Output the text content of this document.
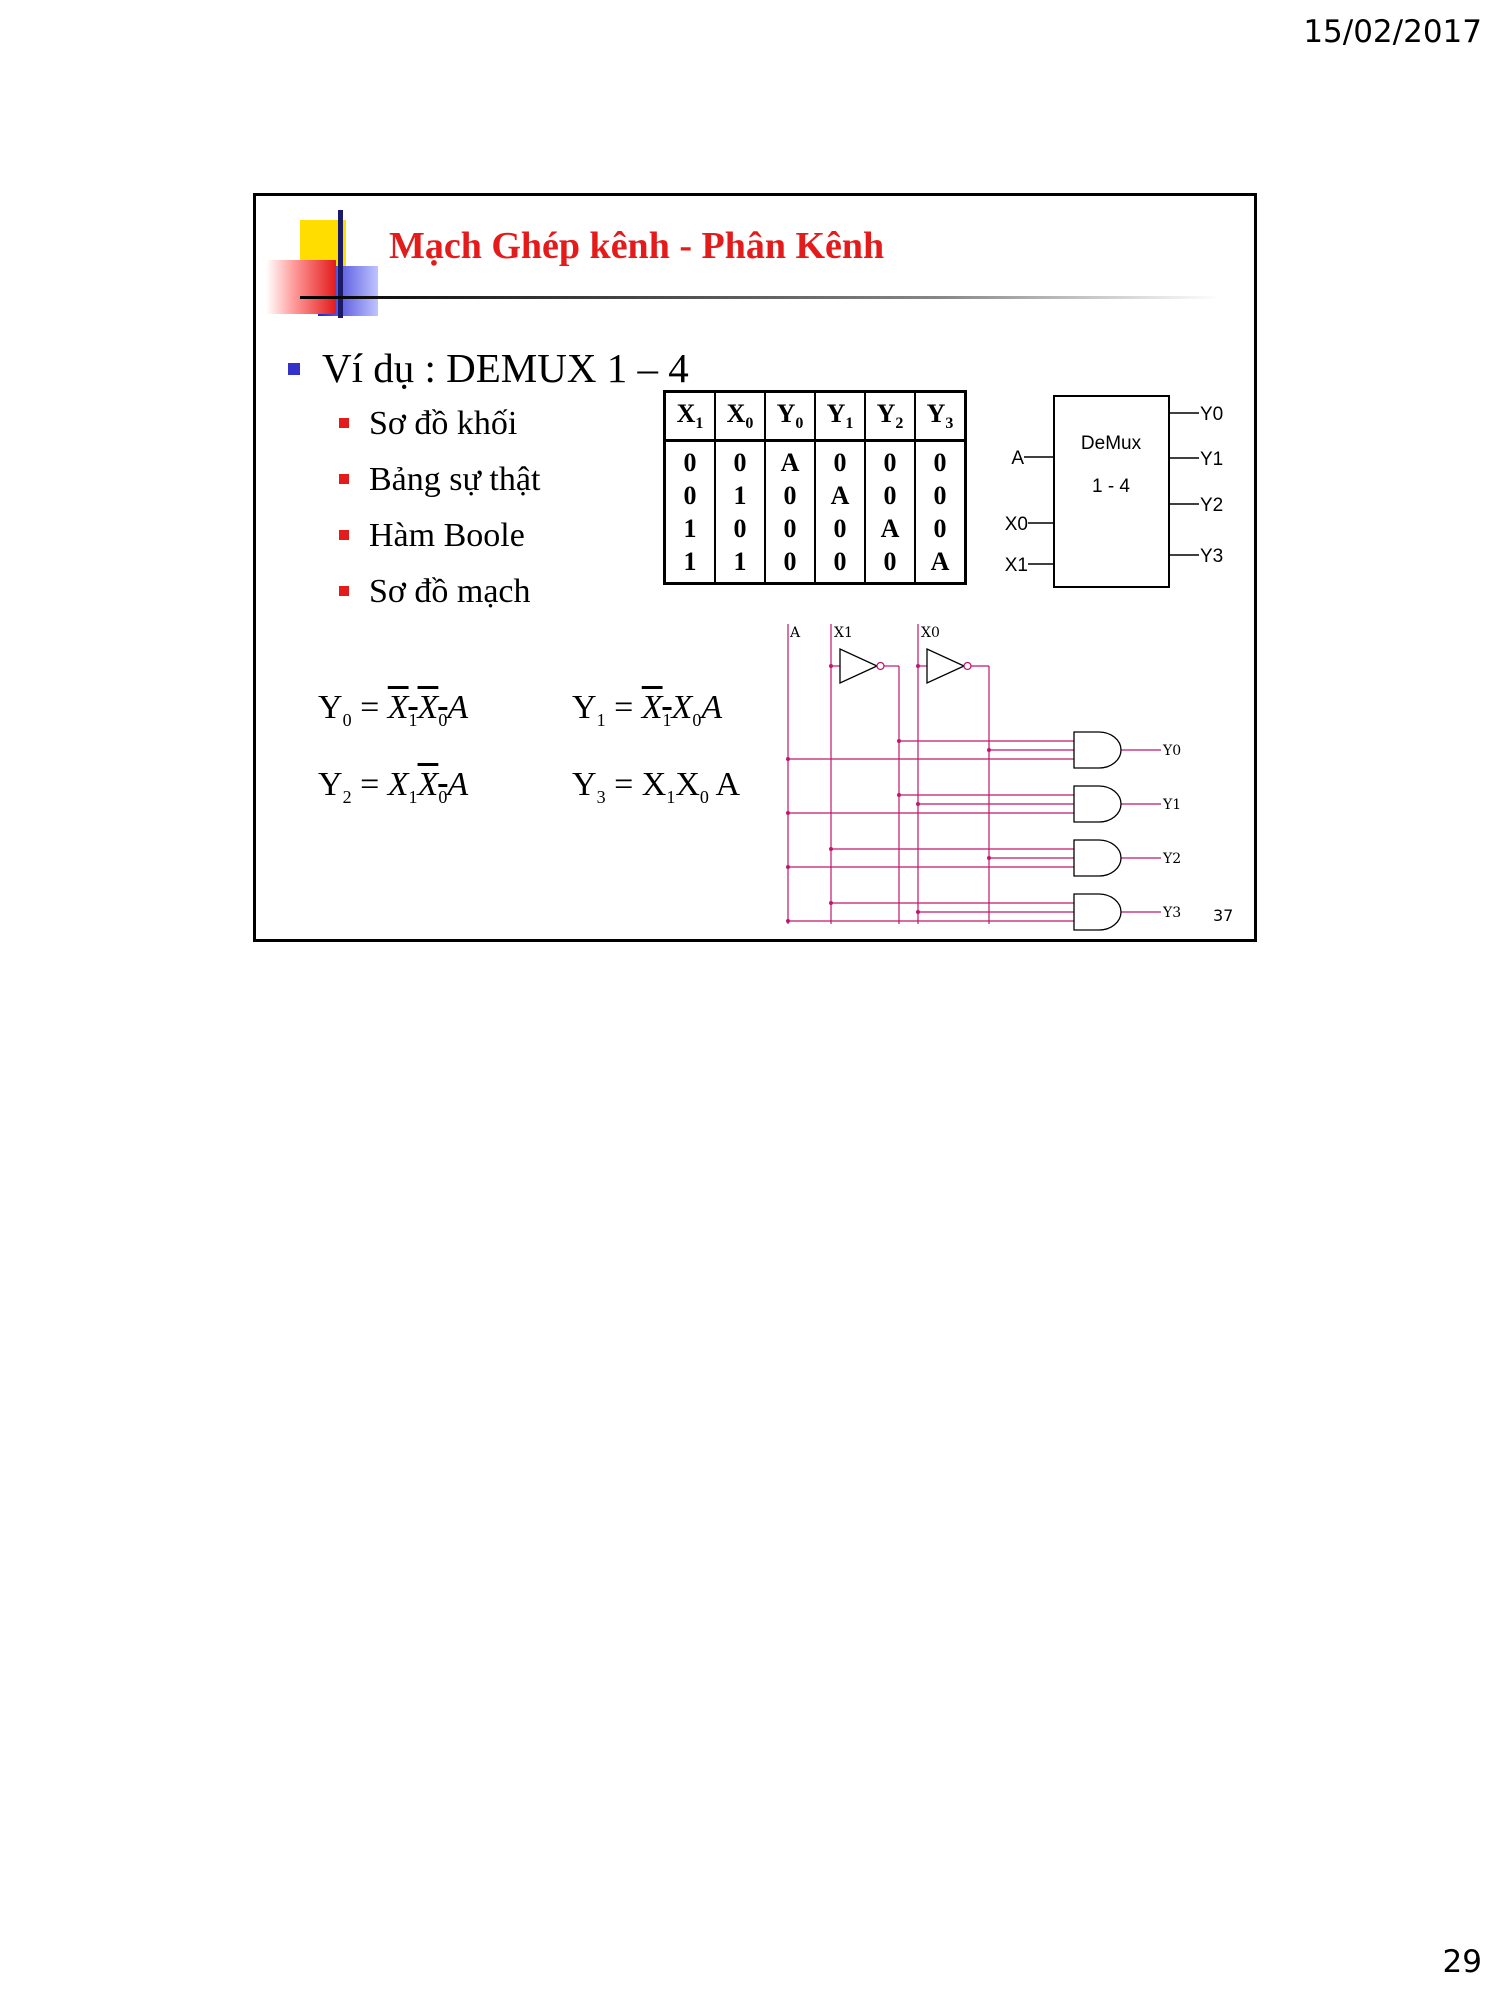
15/02/2017
29
Mạch Ghép kênh - Phân Kênh
Ví dụ : DEMUX 1 – 4
Sơ đồ khối
Bảng sự thật
Hàm Boole
Sơ đồ mạch
$X_1$	$X_0$	$Y_0$	$Y_1$	$Y_2$	$Y_3$
0	0	A	0	0	0
0	1	0	A	0	0
1	0	0	0	A	0
1	1	0	0	0	A
DeMux
1 - 4
A
X0
X1
Y0
Y1
Y2
Y3
$Y_0 = X_1X_0A$	$Y_1 = X_1X_0A$
$Y_2 = X_1X_0A$	$Y_3 = X_1X_0$ A
A X1	X0
Y0
Y1
Y2
Y3 37
